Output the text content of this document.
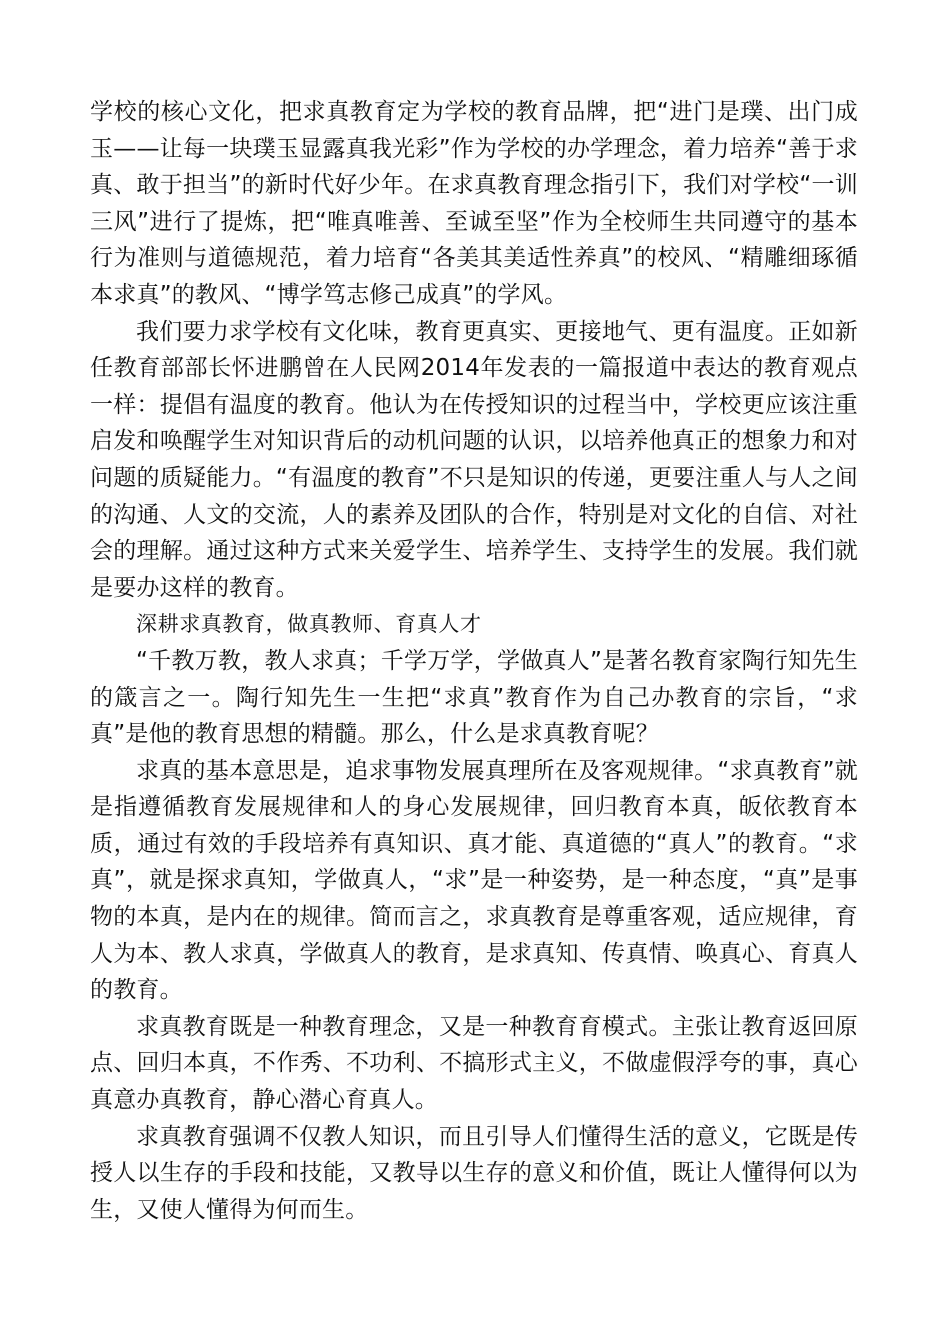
学校的核心文化，把求真教育定为学校的教育品牌，把“进门是璞、出门成玉——让每一块璞玉显露真我光彩”作为学校的办学理念，着力培养“善于求真、敢于担当”的新时代好少年。在求真教育理念指引下，我们对学校“一训三风”进行了提炼，把“唯真唯善、至诚至坚”作为全校师生共同遵守的基本行为准则与道德规范，着力培育“各美其美适性养真”的校风、“精雕细琢循本求真”的教风、“博学笃志修己成真”的学风。

我们要力求学校有文化味，教育更真实、更接地气、更有温度。正如新任教育部部长怀进鹏曾在人民网2014年发表的一篇报道中表达的教育观点一样：提倡有温度的教育。他认为在传授知识的过程当中，学校更应该注重启发和唤醒学生对知识背后的动机问题的认识，以培养他真正的想象力和对问题的质疑能力。“有温度的教育”不只是知识的传递，更要注重人与人之间的沟通、人文的交流，人的素养及团队的合作，特别是对文化的自信、对社会的理解。通过这种方式来关爱学生、培养学生、支持学生的发展。我们就是要办这样的教育。

深耕求真教育，做真教师、育真人才

“千教万教，教人求真；千学万学，学做真人”是著名教育家陶行知先生的箴言之一。陶行知先生一生把“求真”教育作为自己办教育的宗旨，“求真”是他的教育思想的精髓。那么，什么是求真教育呢？

求真的基本意思是，追求事物发展真理所在及客观规律。“求真教育”就是指遵循教育发展规律和人的身心发展规律，回归教育本真，皈依教育本质，通过有效的手段培养有真知识、真才能、真道德的“真人”的教育。“求真”，就是探求真知，学做真人，“求”是一种姿势，是一种态度，“真”是事物的本真，是内在的规律。简而言之，求真教育是尊重客观，适应规律，育人为本、教人求真，学做真人的教育，是求真知、传真情、唤真心、育真人的教育。

求真教育既是一种教育理念，又是一种教育育模式。主张让教育返回原点、回归本真，不作秀、不功利、不搞形式主义，不做虚假浮夸的事，真心真意办真教育，静心潜心育真人。

求真教育强调不仅教人知识，而且引导人们懂得生活的意义，它既是传授人以生存的手段和技能，又教导以生存的意义和价值，既让人懂得何以为生，又使人懂得为何而生。
